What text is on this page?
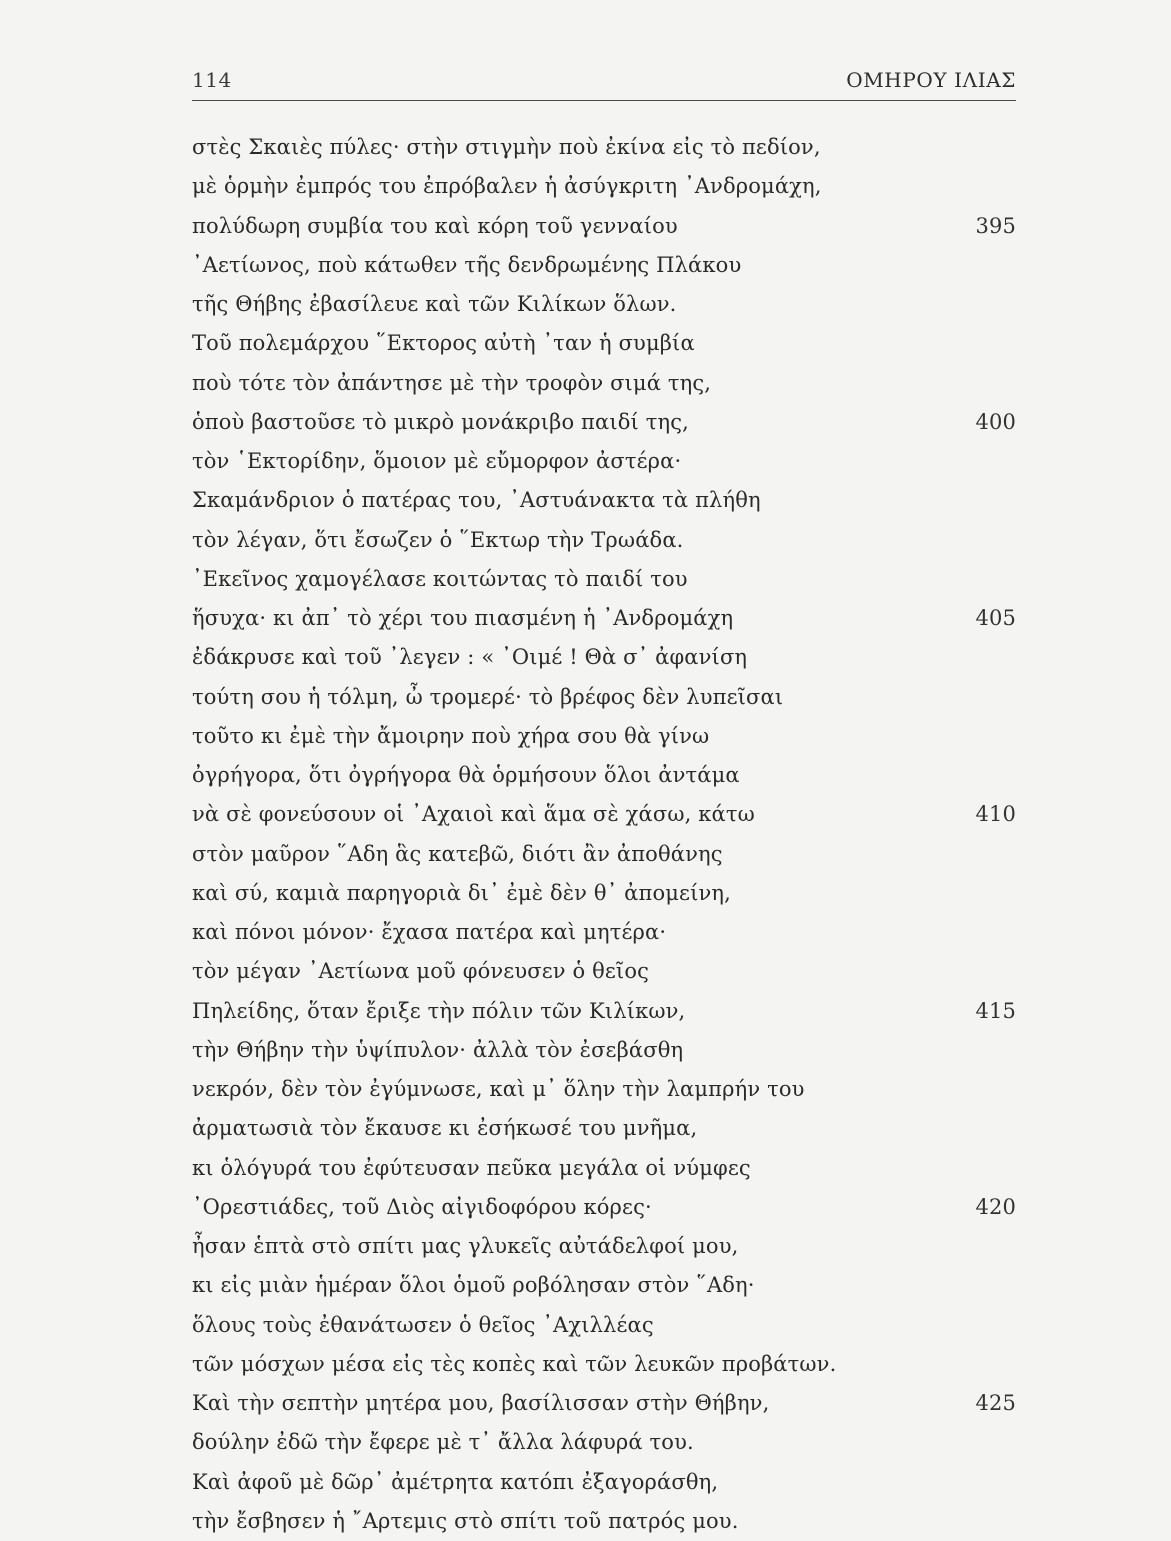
114	ΟΜΗΡΟΥ ΙΛΙΑΣ
στὲς Σκαιὲς πύλες· στὴν στιγμὴν ποὺ ἐκίνα εἰς τὸ πεδίον,
μὲ ὁρμὴν ἐμπρός του ἐπρόβαλεν ἡ ἀσύγκριτη ᾿Ανδρομάχη,
πολύδωρη συμβία του καὶ κόρη τοῦ γενναίου	395
᾿Αετίωνος, ποὺ κάτωθεν τῆς δενδρωμένης Πλάκου
τῆς Θήβης ἐβασίλευε καὶ τῶν Κιλίκων ὅλων.
Τοῦ πολεμάρχου ῞Εκτορος αὐτὴ ᾿ταν ἡ συμβία
ποὺ τότε τὸν ἀπάντησε μὲ τὴν τροφὸν σιμά της,
ὁποὺ βαστοῦσε τὸ μικρὸ μονάκριβο παιδί της,	400
τὸν ῾Εκτορίδην, ὅμοιον μὲ εὔμορφον ἀστέρα·
Σκαμάνδριον ὁ πατέρας του, ᾿Αστυάνακτα τὰ πλήθη
τὸν λέγαν, ὅτι ἔσωζεν ὁ ῞Εκτωρ τὴν Τρωάδα.
᾿Εκεῖνος χαμογέλασε κοιτώντας τὸ παιδί του
ἥσυχα· κι ἀπ᾿ τὸ χέρι του πιασμένη ἡ ᾿Ανδρομάχη	405
ἐδάκρυσε καὶ τοῦ ᾿λεγεν : « ᾿Οιμέ ! Θὰ σ᾿ ἀφανίση
τούτη σου ἡ τόλμη, ὦ τρομερέ· τὸ βρέφος δὲν λυπεῖσαι
τοῦτο κι ἐμὲ τὴν ἄμοιρην ποὺ χήρα σου θὰ γίνω
ὀγρήγορα, ὅτι ὀγρήγορα θὰ ὁρμήσουν ὅλοι ἀντάμα
νὰ σὲ φονεύσουν οἱ ᾿Αχαιοὶ καὶ ἅμα σὲ χάσω, κάτω	410
στὸν μαῦρον ῞Αδη ἃς κατεβῶ, διότι ἂν ἀποθάνης
καὶ σύ, καμιὰ παρηγοριὰ δι᾿ ἐμὲ δὲν θ᾿ ἀπομείνη,
καὶ πόνοι μόνον· ἔχασα πατέρα καὶ μητέρα·
τὸν μέγαν ᾿Αετίωνα μοῦ φόνευσεν ὁ θεῖος
Πηλείδης, ὅταν ἔριξε τὴν πόλιν τῶν Κιλίκων,	415
τὴν Θήβην τὴν ὑψίπυλον· ἀλλὰ τὸν ἐσεβάσθη
νεκρόν, δὲν τὸν ἐγύμνωσε, καὶ μ᾿ ὅλην τὴν λαμπρήν του
ἀρματωσιὰ τὸν ἔκαυσε κι ἐσήκωσέ του μνῆμα,
κι ὁλόγυρά του ἐφύτευσαν πεῦκα μεγάλα οἱ νύμφες
᾿Ορεστιάδες, τοῦ Διὸς αἰγιδοφόρου κόρες·	420
ἦσαν ἑπτὰ στὸ σπίτι μας γλυκεῖς αὐτάδελφοί μου,
κι εἰς μιὰν ἡμέραν ὅλοι ὁμοῦ ροβόλησαν στὸν ῞Αδη·
ὅλους τοὺς ἐθανάτωσεν ὁ θεῖος ᾿Αχιλλέας
τῶν μόσχων μέσα εἰς τὲς κοπὲς καὶ τῶν λευκῶν προβάτων.
Καὶ τὴν σεπτὴν μητέρα μου, βασίλισσαν στὴν Θήβην,	425
δούλην ἐδῶ τὴν ἔφερε μὲ τ᾿ ἄλλα λάφυρά του.
Καὶ ἀφοῦ μὲ δῶρ᾿ ἀμέτρητα κατόπι ἐξαγοράσθη,
τὴν ἔσβησεν ἡ ῎Αρτεμις στὸ σπίτι τοῦ πατρός μου.
